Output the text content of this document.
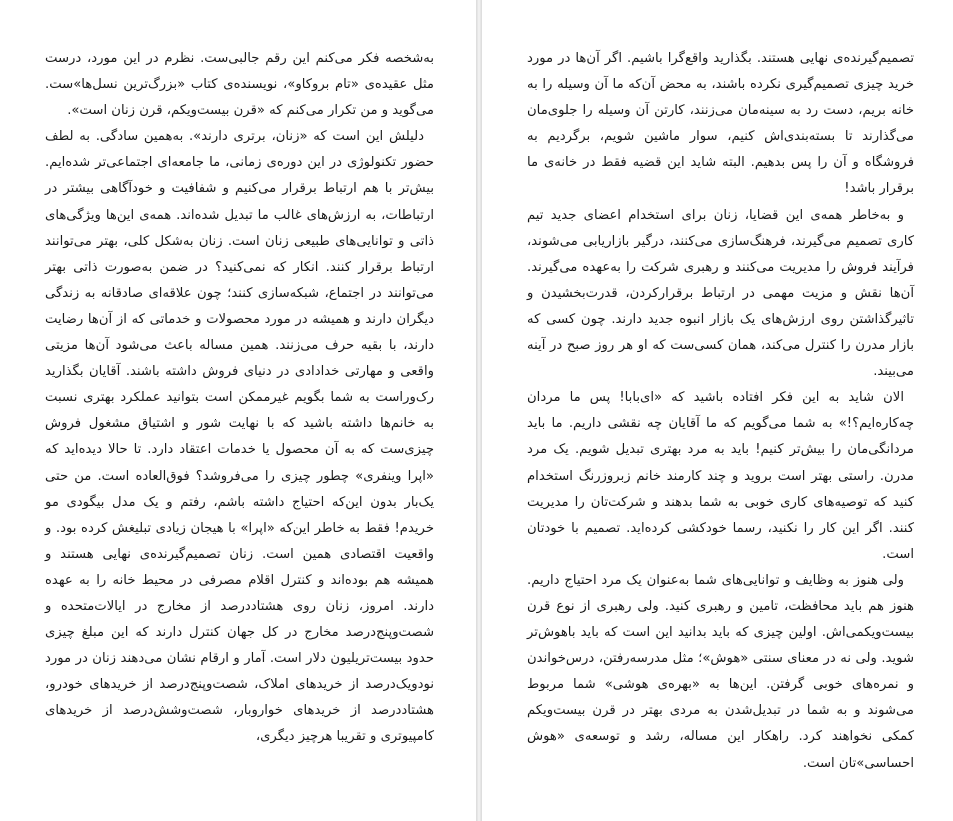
به‌شخصه فکر می‌کنم این رقم جالبی‌ست. نظرم در این مورد، درست مثل عقیده‌ی «تام بروکاو»، نویسنده‌ی کتاب «بزرگ‌ترین نسل‌ها»ست. می‌گوید و من تکرار می‌کنم که «قرن بیست‌ویکم، قرن زنان است».

دلیلش این است که «زنان، برتری دارند». به‌همین سادگی. به لطف حضور تکنولوژی در این دوره‌ی زمانی، ما جامعه‌ای اجتماعی‌تر شده‌ایم. بیش‌تر با هم ارتباط برقرار می‌کنیم و شفافیت و خودآگاهی بیشتر در ارتباطات، به ارزش‌های غالب ما تبدیل شده‌اند. همه‌ی این‌ها ویژگی‌های ذاتی و توانایی‌های طبیعی زنان است. زنان به‌شکل کلی، بهتر می‌توانند ارتباط برقرار کنند. انکار که نمی‌کنید؟ در ضمن به‌صورت ذاتی بهتر می‌توانند در اجتماع، شبکه‌سازی کنند؛ چون علاقه‌ای صادقانه به زندگی دیگران دارند و همیشه در مورد محصولات و خدماتی که از آن‌ها رضایت دارند، با بقیه حرف می‌زنند. همین مساله باعث می‌شود آن‌ها مزیتی واقعی و مهارتی خدادادی در دنیای فروش داشته باشند. آقایان بگذارید رک‌وراست به شما بگویم غیرممکن است بتوانید عملکرد بهتری نسبت به خانم‌ها داشته باشید که با نهایت شور و اشتیاق مشغول فروش چیزی‌ست که به آن محصول یا خدمات اعتقاد دارد. تا حالا دیده‌اید که «اپرا وینفری» چطور چیزی را می‌فروشد؟ فوق‌العاده است. من حتی یک‌بار بدون این‌که احتیاج داشته باشم، رفتم و یک مدل بیگودی مو خریدم! فقط به خاطر این‌که «اپرا» با هیجان زیادی تبلیغش کرده بود. و واقعیت اقتصادی همین است. زنان تصمیم‌گیرنده‌ی نهایی هستند و همیشه هم بوده‌اند و کنترل اقلام مصرفی در محیط خانه را به عهده دارند. امروز، زنان روی هشتاددرصد از مخارج در ایالات‌متحده و شصت‌وپنج‌درصد مخارج در کل جهان کنترل دارند که این مبلغ چیزی حدود بیست‌تریلیون دلار است. آمار و ارقام نشان می‌دهند زنان در مورد نودویک‌درصد از خریدهای املاک، شصت‌وپنج‌درصد از خریدهای خودرو، هشتاددرصد از خریدهای خواروبار، شصت‌وشش‌درصد از خریدهای کامپیوتری و تقریبا هرچیز دیگری،

تصمیم‌گیرنده‌ی نهایی هستند. بگذارید واقع‌گرا باشیم. اگر آن‌ها در مورد خرید چیزی تصمیم‌گیری نکرده باشند، به محض آن‌که ما آن وسیله را به خانه بریم، دست رد به سینه‌مان می‌زنند، کارتن آن وسیله را جلوی‌مان می‌گذارند تا بسته‌بندی‌اش کنیم، سوار ماشین شویم، برگردیم به فروشگاه و آن را پس بدهیم. البته شاید این قضیه فقط در خانه‌ی ما برقرار باشد!

و به‌خاطر همه‌ی این قضایا، زنان برای استخدام اعضای جدید تیم کاری تصمیم می‌گیرند، فرهنگ‌سازی می‌کنند، درگیر بازاریابی می‌شوند، فرآیند فروش را مدیریت می‌کنند و رهبری شرکت را به‌عهده می‌گیرند. آن‌ها نقش و مزیت مهمی در ارتباط برقرارکردن، قدرت‌بخشیدن و تاثیرگذاشتن روی ارزش‌های یک بازار انبوه جدید دارند. چون کسی که بازار مدرن را کنترل می‌کند، همان کسی‌ست که او هر روز صبح در آینه می‌بیند.

الان شاید به این فکر افتاده باشید که «ای‌بابا! پس ما مردان چه‌کاره‌ایم؟!» به شما می‌گویم که ما آقایان چه نقشی داریم. ما باید مردانگی‌مان را بیش‌تر کنیم! باید به مرد بهتری تبدیل شویم. یک مرد مدرن. راستی بهتر است بروید و چند کارمند خانم زبروزرنگ استخدام کنید که توصیه‌های کاری خوبی به شما بدهند و شرکت‌تان را مدیریت کنند. اگر این کار را نکنید، رسما خودکشی کرده‌اید. تصمیم با خودتان است.

ولی هنوز به وظایف و توانایی‌های شما به‌عنوان یک مرد احتیاج داریم. هنوز هم باید محافظت، تامین و رهبری کنید. ولی رهبری از نوع قرن بیست‌ویکمی‌اش. اولین چیزی که باید بدانید این است که باید باهوش‌تر شوید. ولی نه در معنای سنتی «هوش»؛ مثل مدرسه‌رفتن، درس‌خواندن و نمره‌های خوبی گرفتن. این‌ها به «بهره‌ی هوشی» شما مربوط می‌شوند و به شما در تبدیل‌شدن به مردی بهتر در قرن بیست‌ویکم کمکی نخواهند کرد. راهکار این مساله، رشد و توسعه‌ی «هوش احساسی»تان است.
